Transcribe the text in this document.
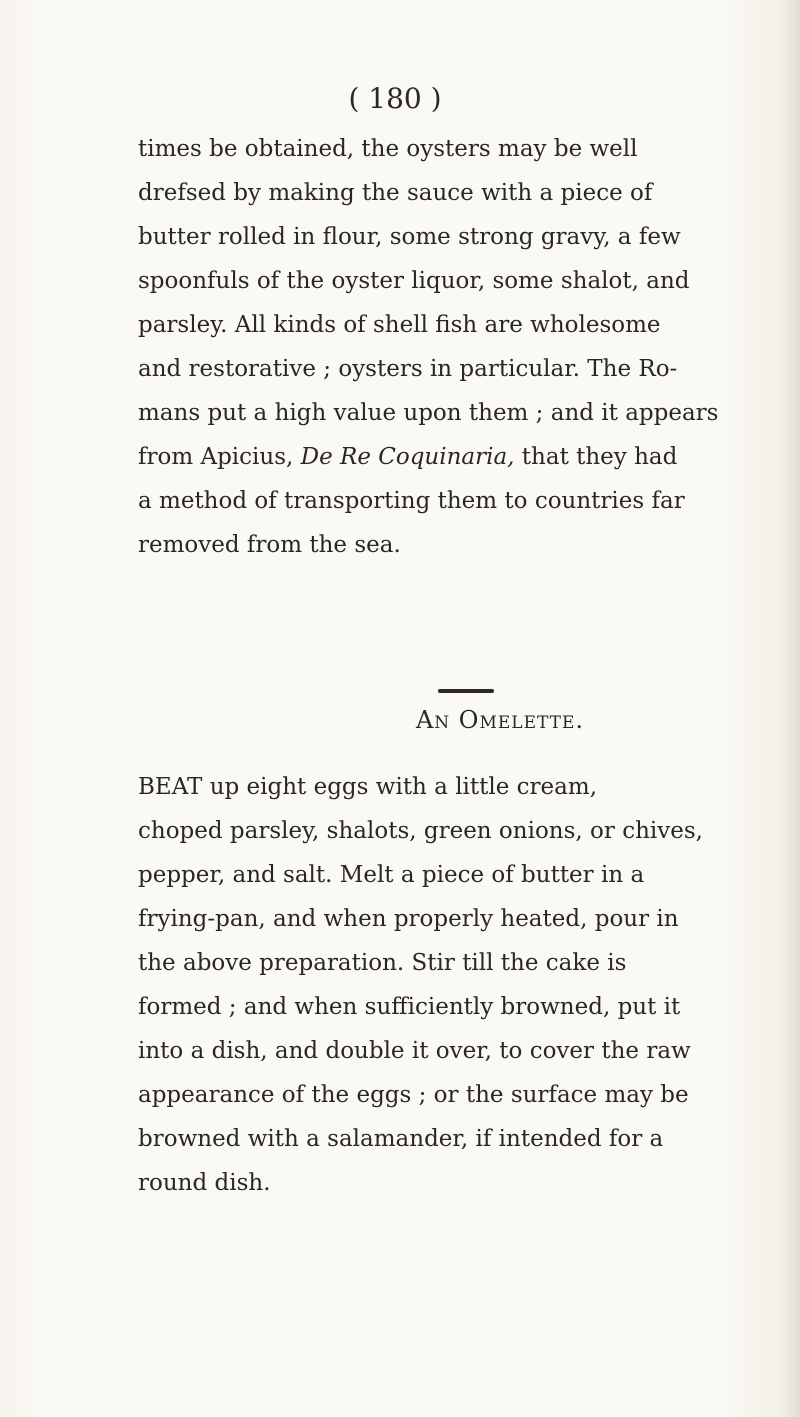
( 180 )
times be obtained, the oysters may be well
drefsed by making the sauce with a piece of
butter rolled in flour, some strong gravy, a few
spoonfuls of the oyster liquor, some shalot, and
parsley. All kinds of shell fish are wholesome
and restorative ; oysters in particular. The Ro-
mans put a high value upon them ; and it appears
from Apicius, De Re Coquinaria, that they had
a method of transporting them to countries far
removed from the sea.
An Omelette.
BEAT up eight eggs with a little cream,
choped parsley, shalots, green onions, or chives,
pepper, and salt. Melt a piece of butter in a
frying-pan, and when properly heated, pour in
the above preparation. Stir till the cake is
formed ; and when sufficiently browned, put it
into a dish, and double it over, to cover the raw
appearance of the eggs ; or the surface may be
browned with a salamander, if intended for a
round dish.
